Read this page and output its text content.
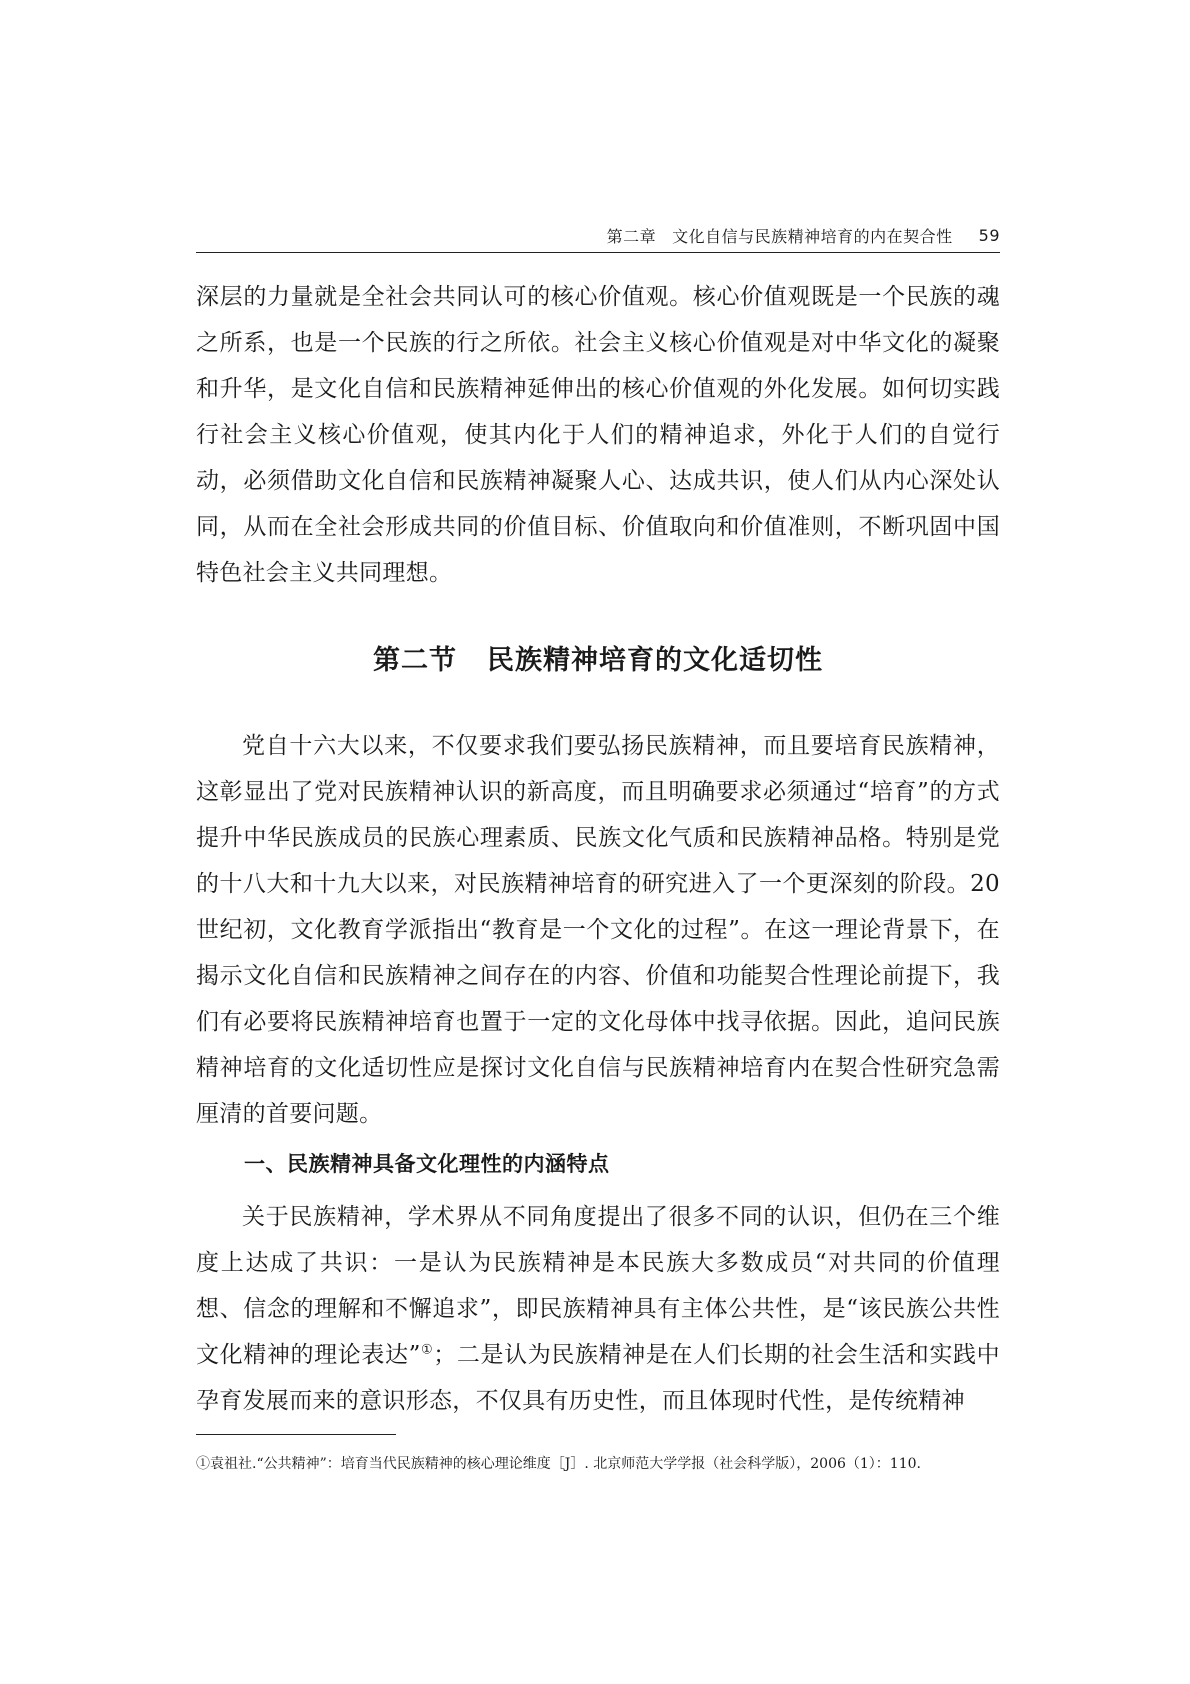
第二章 文化自信与民族精神培育的内在契合性 59
深层的力量就是全社会共同认可的核心价值观。核心价值观既是一个民族的魂之所系，也是一个民族的行之所依。社会主义核心价值观是对中华文化的凝聚和升华，是文化自信和民族精神延伸出的核心价值观的外化发展。如何切实践行社会主义核心价值观，使其内化于人们的精神追求，外化于人们的自觉行动，必须借助文化自信和民族精神凝聚人心、达成共识，使人们从内心深处认同，从而在全社会形成共同的价值目标、价值取向和价值准则，不断巩固中国特色社会主义共同理想。
第二节 民族精神培育的文化适切性
党自十六大以来，不仅要求我们要弘扬民族精神，而且要培育民族精神，这彰显出了党对民族精神认识的新高度，而且明确要求必须通过“培育”的方式提升中华民族成员的民族心理素质、民族文化气质和民族精神品格。特别是党的十八大和十九大以来，对民族精神培育的研究进入了一个更深刻的阶段。20 世纪初，文化教育学派指出“教育是一个文化的过程”。在这一理论背景下，在揭示文化自信和民族精神之间存在的内容、价值和功能契合性理论前提下，我们有必要将民族精神培育也置于一定的文化母体中找寻依据。因此，追问民族精神培育的文化适切性应是探讨文化自信与民族精神培育内在契合性研究急需厘清的首要问题。
一、民族精神具备文化理性的内涵特点
关于民族精神，学术界从不同角度提出了很多不同的认识，但仍在三个维度上达成了共识：一是认为民族精神是本民族大多数成员“对共同的价值理想、信念的理解和不懈追求”，即民族精神具有主体公共性，是“该民族公共性文化精神的理论表达”①；二是认为民族精神是在人们长期的社会生活和实践中孕育发展而来的意识形态，不仅具有历史性，而且体现时代性，是传统精神
①袁祖社.“公共精神”：培育当代民族精神的核心理论维度［J］. 北京师范大学学报（社会科学版），2006（1）：110.
